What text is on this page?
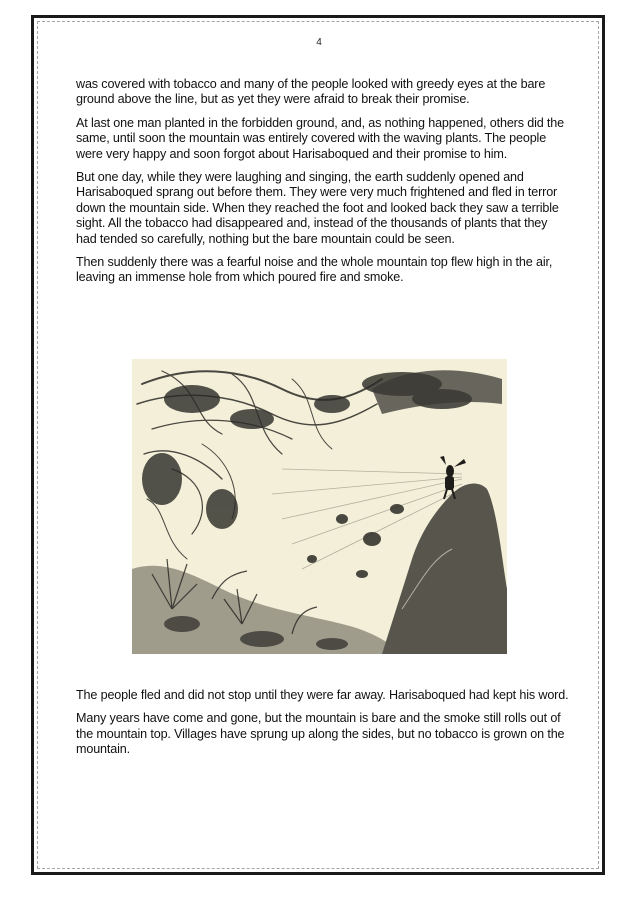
4

was covered with tobacco and many of the people looked with greedy eyes at the bare ground above the line, but as yet they were afraid to break their promise.

At last one man planted in the forbidden ground, and, as nothing happened, others did the same, until soon the mountain was entirely covered with the waving plants. The people were very happy and soon forgot about Harisaboqued and their promise to him.

But one day, while they were laughing and singing, the earth suddenly opened and Harisaboqued sprang out before them. They were very much frightened and fled in terror down the mountain side. When they reached the foot and looked back they saw a terrible sight. All the tobacco had disappeared and, instead of the thousands of plants that they had tended so carefully, nothing but the bare mountain could be seen.

Then suddenly there was a fearful noise and the whole mountain top flew high in the air, leaving an immense hole from which poured fire and smoke.

The people fled and did not stop until they were far away. Harisaboqued had kept his word.

Many years have come and gone, but the mountain is bare and the smoke still rolls out of the mountain top. Villages have sprung up along the sides, but no tobacco is grown on the mountain.
